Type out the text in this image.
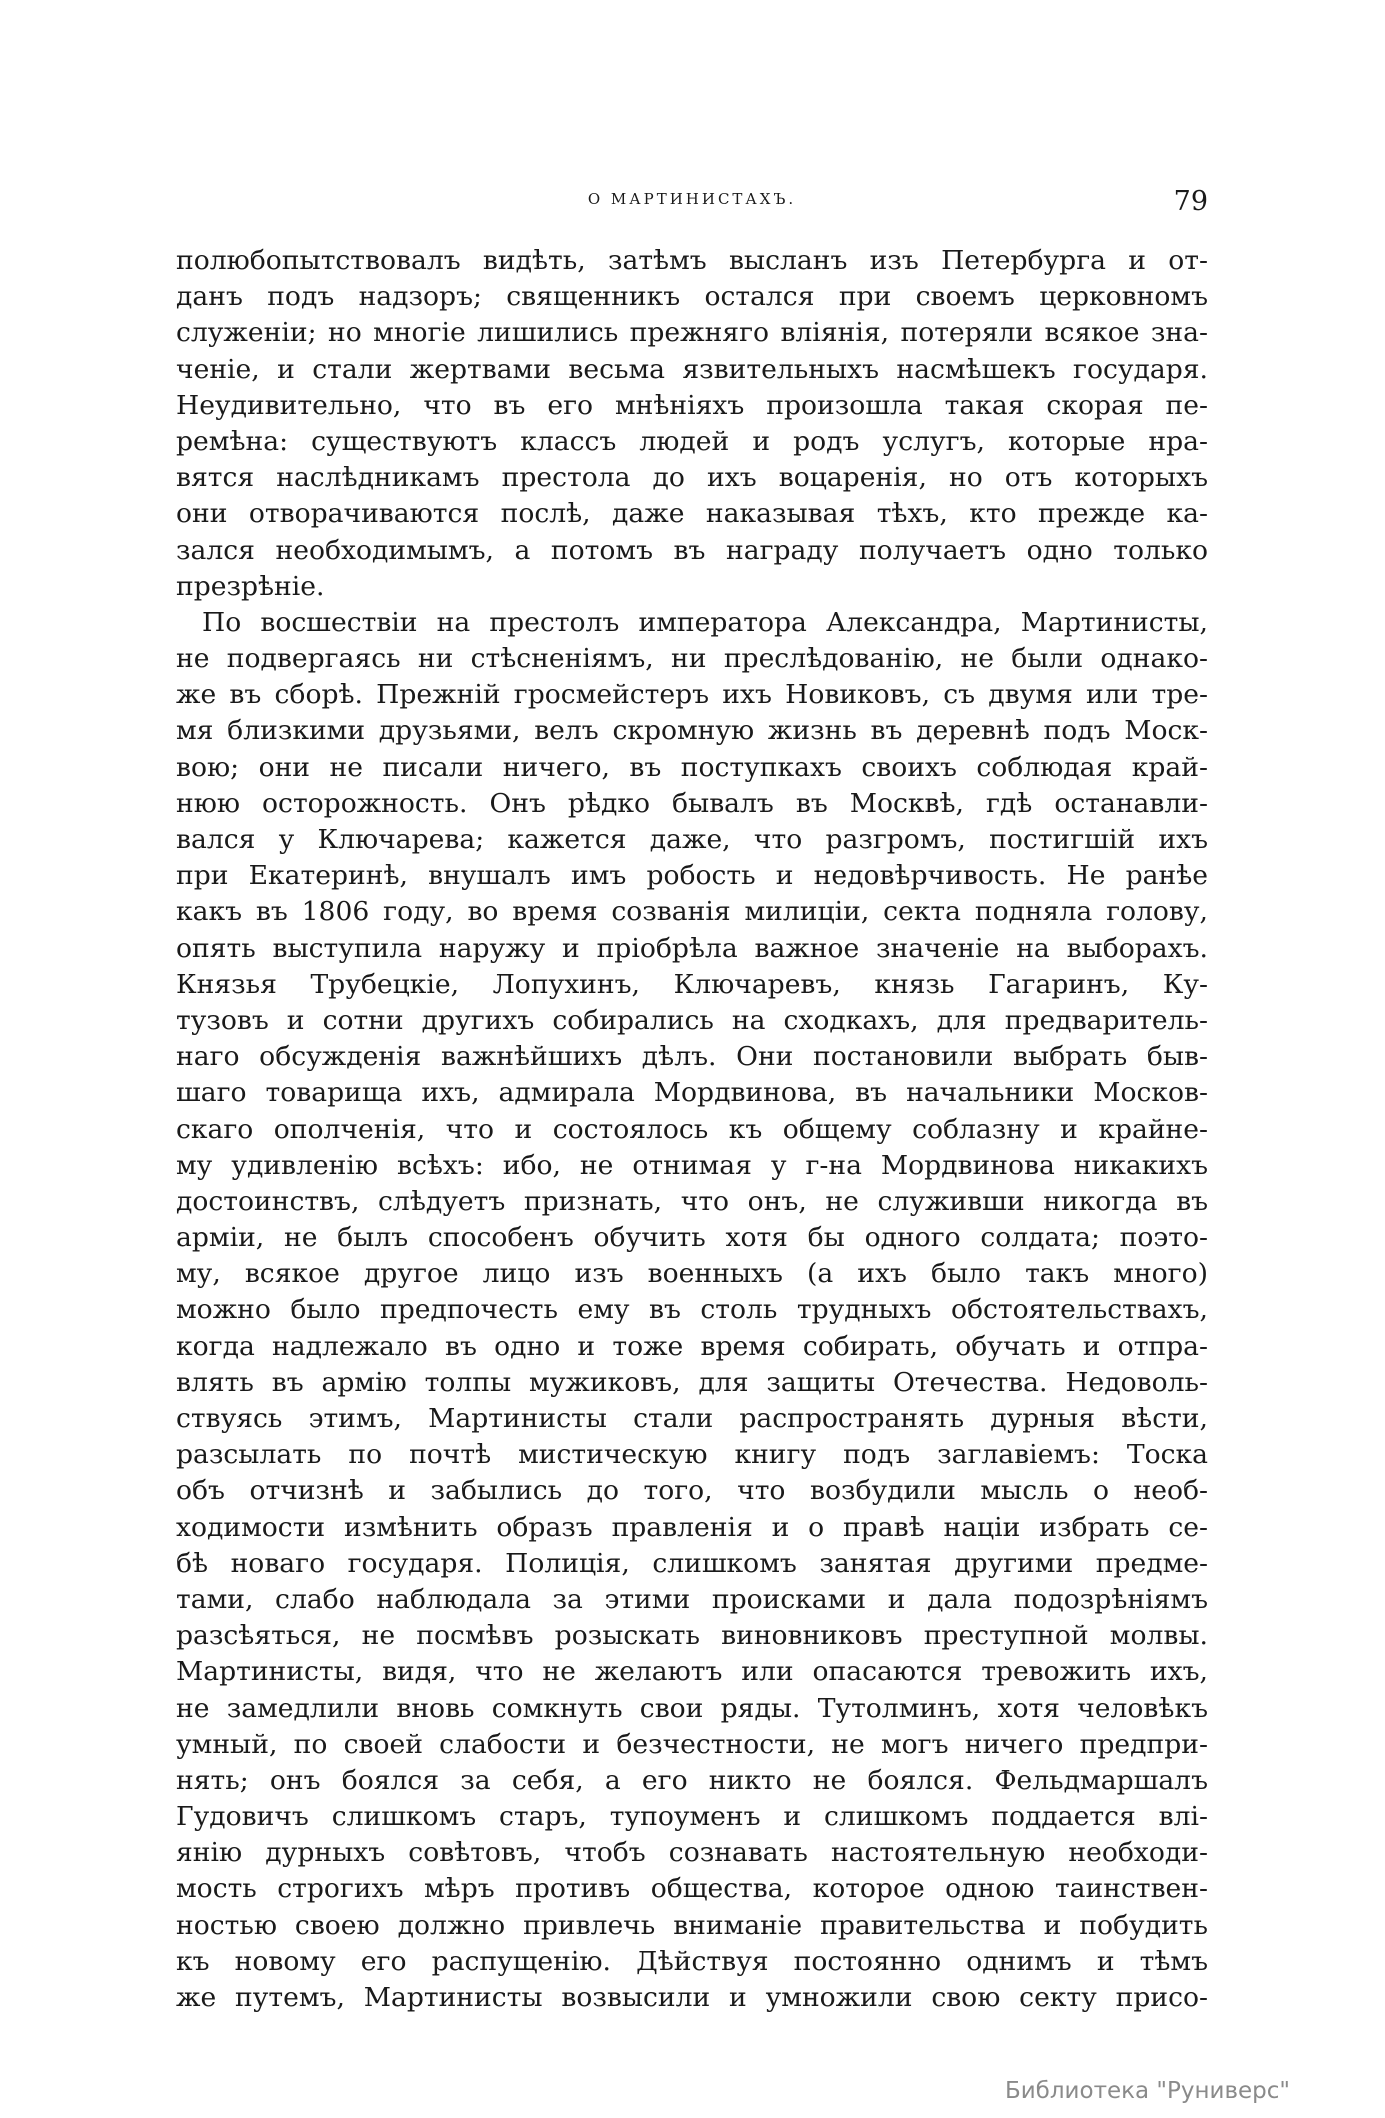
О МАРТИНИСТАХЪ.	79
полюбопытствовалъ видѣть, затѣмъ высланъ изъ Петербурга и от-
данъ подъ надзоръ; священникъ остался при своемъ церковномъ
служеніи; но многіе лишились прежняго вліянія, потеряли всякое зна-
ченіе, и стали жертвами весьма язвительныхъ насмѣшекъ государя.
Неудивительно, что въ его мнѣніяхъ произошла такая скорая пе-
ремѣна: существуютъ классъ людей и родъ услугъ, которые нра-
вятся наслѣдникамъ престола до ихъ воцаренія, но отъ которыхъ
они отворачиваются послѣ, даже наказывая тѣхъ, кто прежде ка-
зался необходимымъ, а потомъ въ награду получаетъ одно только
презрѣніе.
По восшествіи на престолъ императора Александра, Мартинисты,
не подвергаясь ни стѣсненіямъ, ни преслѣдованію, не были однако-
же въ сборѣ. Прежній гросмейстеръ ихъ Новиковъ, съ двумя или тре-
мя близкими друзьями, велъ скромную жизнь въ деревнѣ подъ Моск-
вою; они не писали ничего, въ поступкахъ своихъ соблюдая край-
нюю осторожность. Онъ рѣдко бывалъ въ Москвѣ, гдѣ останавли-
вался у Ключарева; кажется даже, что разгромъ, постигшій ихъ
при Екатеринѣ, внушалъ имъ робость и недовѣрчивость. Не ранѣе
какъ въ 1806 году, во время созванія милиціи, секта подняла голову,
опять выступила наружу и пріобрѣла важное значеніе на выборахъ.
Князья Трубецкіе, Лопухинъ, Ключаревъ, князь Гагаринъ, Ку-
тузовъ и сотни другихъ собирались на сходкахъ, для предваритель-
наго обсужденія важнѣйшихъ дѣлъ. Они постановили выбрать быв-
шаго товарища ихъ, адмирала Мордвинова, въ начальники Москов-
скаго ополченія, что и состоялось къ общему соблазну и крайне-
му удивленію всѣхъ: ибо, не отнимая у г-на Мордвинова никакихъ
достоинствъ, слѣдуетъ признать, что онъ, не служивши никогда въ
арміи, не былъ способенъ обучить хотя бы одного солдата; поэто-
му, всякое другое лицо изъ военныхъ (а ихъ было такъ много)
можно было предпочесть ему въ столь трудныхъ обстоятельствахъ,
когда надлежало въ одно и тоже время собирать, обучать и отпра-
влять въ армію толпы мужиковъ, для защиты Отечества. Недоволь-
ствуясь этимъ, Мартинисты стали распространять дурныя вѣсти,
разсылать по почтѣ мистическую книгу подъ заглавіемъ: Тоска
объ отчизнѣ и забылись до того, что возбудили мысль о необ-
ходимости измѣнить образъ правленія и о правѣ націи избрать се-
бѣ новаго государя. Полиція, слишкомъ занятая другими предме-
тами, слабо наблюдала за этими происками и дала подозрѣніямъ
разсѣяться, не посмѣвъ розыскать виновниковъ преступной молвы.
Мартинисты, видя, что не желаютъ или опасаются тревожить ихъ,
не замедлили вновь сомкнуть свои ряды. Тутолминъ, хотя человѣкъ
умный, по своей слабости и безчестности, не могъ ничего предпри-
нять; онъ боялся за себя, а его никто не боялся. Фельдмаршалъ
Гудовичъ слишкомъ старъ, тупоуменъ и слишкомъ поддается влі-
янію дурныхъ совѣтовъ, чтобъ сознавать настоятельную необходи-
мость строгихъ мѣръ противъ общества, которое одною таинствен-
ностью своею должно привлечь вниманіе правительства и побудить
къ новому его распущенію. Дѣйствуя постоянно однимъ и тѣмъ
же путемъ, Мартинисты возвысили и умножили свою секту присо-
Библиотека "Руниверс"
